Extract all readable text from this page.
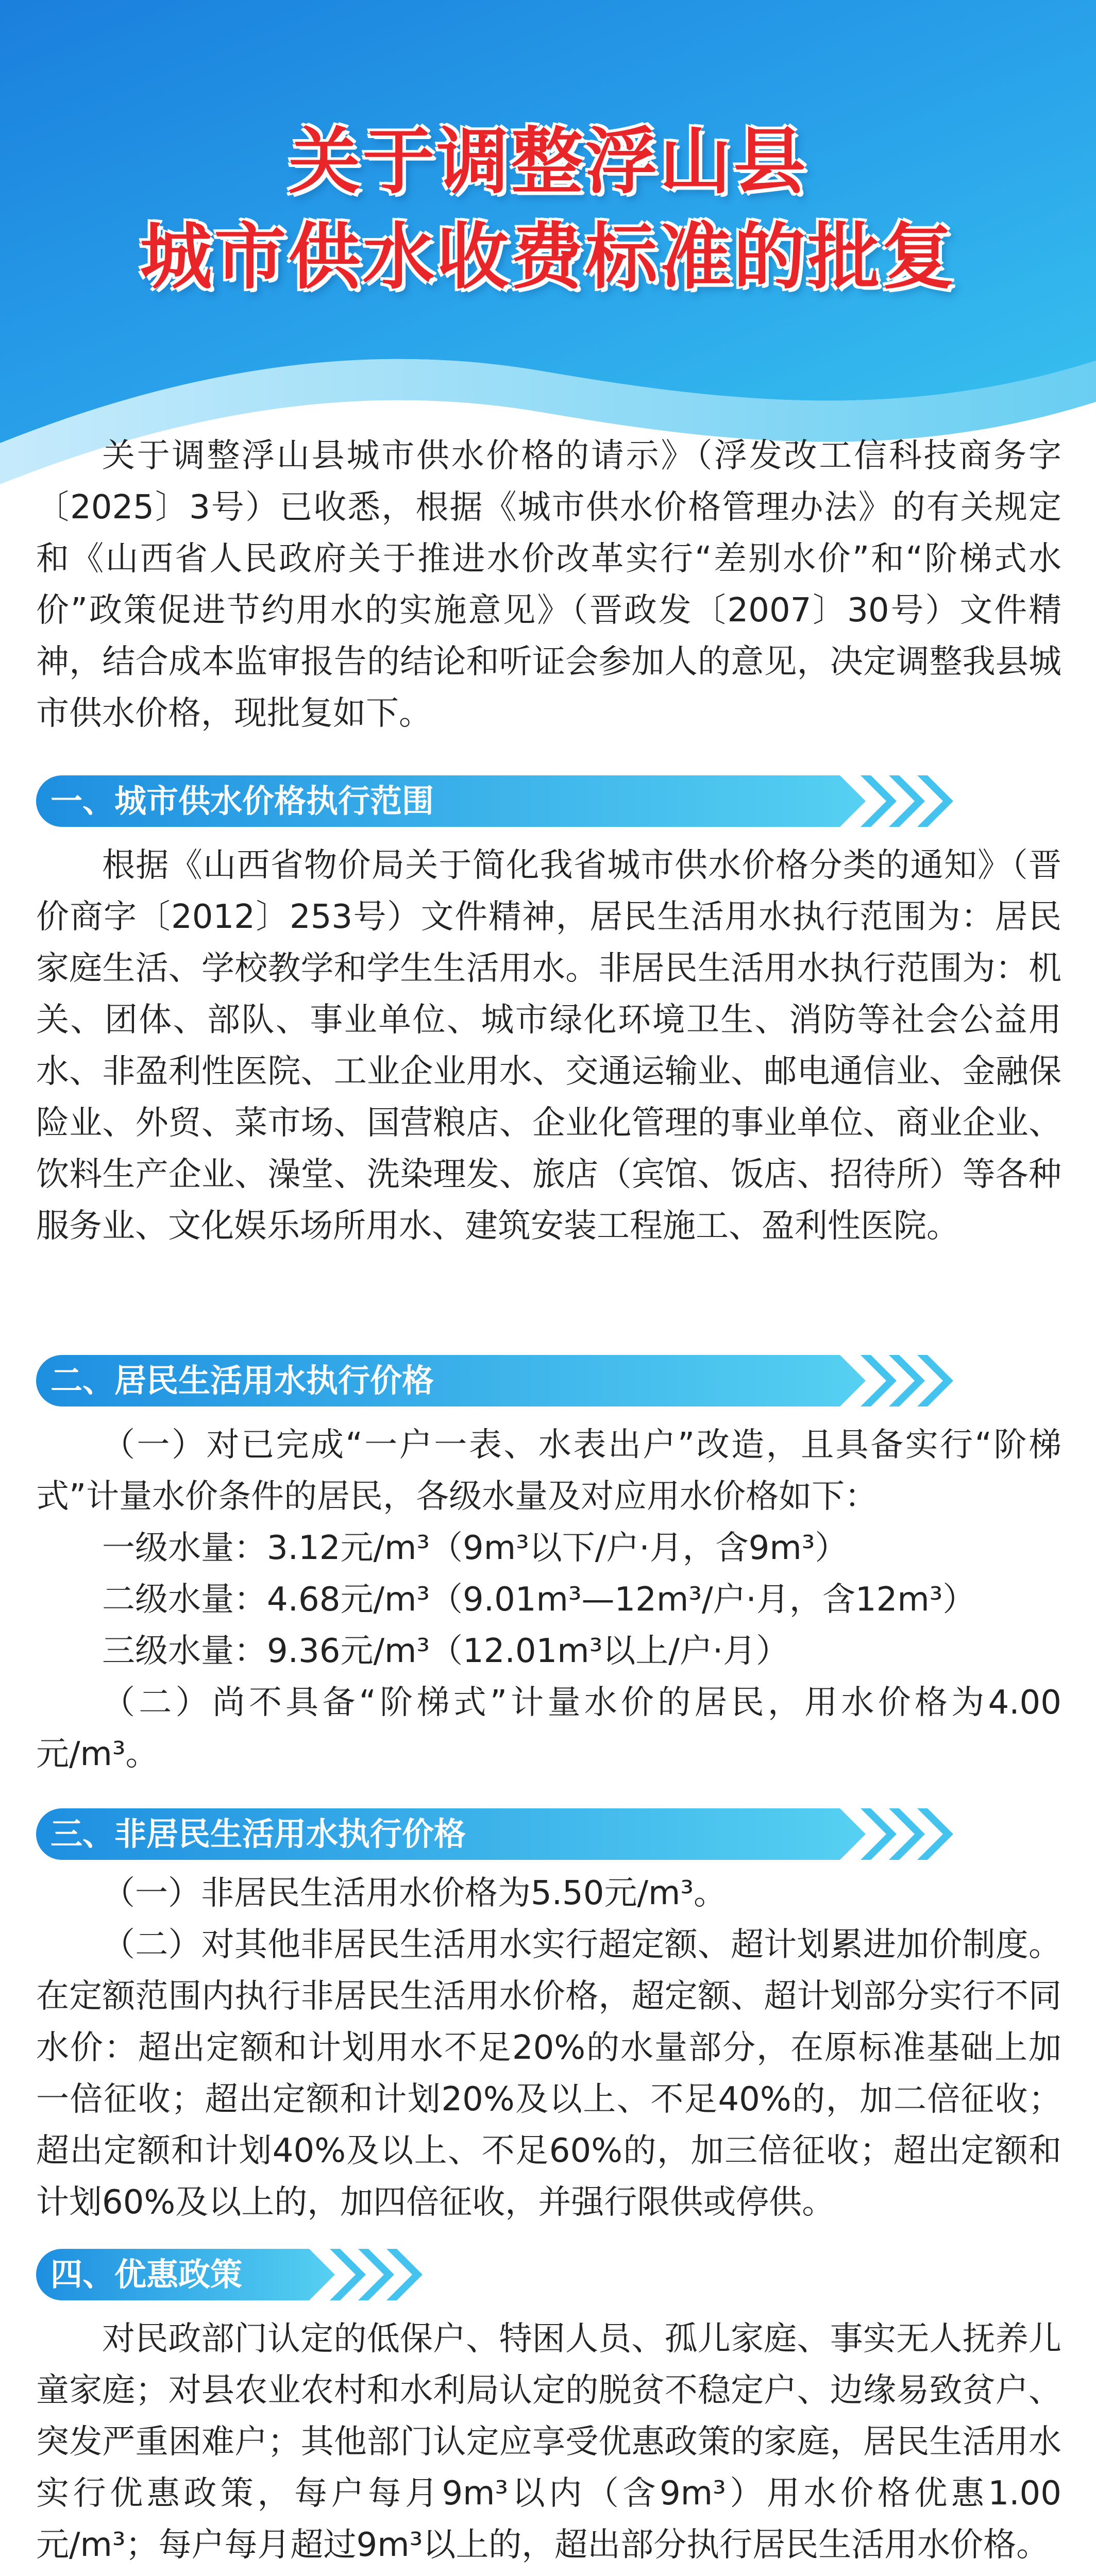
关于调整浮山县
城市供水收费标准的批复

关于调整浮山县城市供水价格的请示》（浮发改工信科技商务字〔2025〕3号）已收悉，根据《城市供水价格管理办法》的有关规定和《山西省人民政府关于推进水价改革实行“差别水价”和“阶梯式水价”政策促进节约用水的实施意见》（晋政发〔2007〕30号）文件精神，结合成本监审报告的结论和听证会参加人的意见，决定调整我县城市供水价格，现批复如下。

一、城市供水价格执行范围

根据《山西省物价局关于简化我省城市供水价格分类的通知》（晋价商字〔2012〕253号）文件精神，居民生活用水执行范围为：居民家庭生活、学校教学和学生生活用水。非居民生活用水执行范围为：机关、团体、部队、事业单位、城市绿化环境卫生、消防等社会公益用水、非盈利性医院、工业企业用水、交通运输业、邮电通信业、金融保险业、外贸、菜市场、国营粮店、企业化管理的事业单位、商业企业、饮料生产企业、澡堂、洗染理发、旅店（宾馆、饭店、招待所）等各种服务业、文化娱乐场所用水、建筑安装工程施工、盈利性医院。

二、居民生活用水执行价格

（一）对已完成“一户一表、水表出户”改造，且具备实行“阶梯式”计量水价条件的居民，各级水量及对应用水价格如下：

一级水量：3.12元/m³（9m³以下/户·月，含9m³）

二级水量：4.68元/m³（9.01m³—12m³/户·月，含12m³）

三级水量：9.36元/m³（12.01m³以上/户·月）

（二）尚不具备“阶梯式”计量水价的居民，用水价格为4.00 元/m³。

三、非居民生活用水执行价格

（一）非居民生活用水价格为5.50元/m³。

（二）对其他非居民生活用水实行超定额、超计划累进加价制度。在定额范围内执行非居民生活用水价格，超定额、超计划部分实行不同水价：超出定额和计划用水不足20%的水量部分，在原标准基础上加一倍征收；超出定额和计划20%及以上、不足40%的，加二倍征收；超出定额和计划40%及以上、不足60%的，加三倍征收；超出定额和计划60%及以上的，加四倍征收，并强行限供或停供。

四、优惠政策

对民政部门认定的低保户、特困人员、孤儿家庭、事实无人抚养儿童家庭；对县农业农村和水利局认定的脱贫不稳定户、边缘易致贫户、突发严重困难户；其他部门认定应享受优惠政策的家庭，居民生活用水实行优惠政策，每户每月9m³以内（含9m³）用水价格优惠1.00元/m³；每户每月超过9m³以上的，超出部分执行居民生活用水价格。
